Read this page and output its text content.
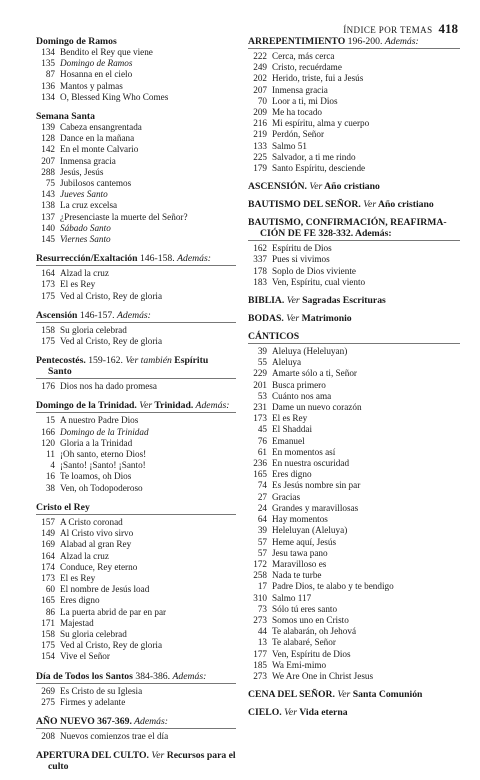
ÍNDICE POR TEMAS 418
Domingo de Ramos
134 Bendito el Rey que viene
135 Domingo de Ramos
87 Hosanna en el cielo
136 Mantos y palmas
134 O, Blessed King Who Comes
Semana Santa
139 Cabeza ensangrentada
128 Dance en la mañana
142 En el monte Calvario
207 Inmensa gracia
288 Jesús, Jesús
75 Jubilosos cantemos
143 Jueves Santo
138 La cruz excelsa
137 ¿Presenciaste la muerte del Señor?
140 Sábado Santo
145 Viernes Santo
Resurrección/Exaltación 146-158. Además:
164 Alzad la cruz
173 El es Rey
175 Ved al Cristo, Rey de gloria
Ascensión 146-157. Además:
158 Su gloria celebrad
175 Ved al Cristo, Rey de gloria
Pentecostés. 159-162. Ver también Espíritu
Santo
176 Dios nos ha dado promesa
Domingo de la Trinidad. Ver Trinidad. Además:
15 A nuestro Padre Dios
166 Domingo de la Trinidad
120 Gloria a la Trinidad
11 ¡Oh santo, eterno Dios!
4 ¡Santo! ¡Santo! ¡Santo!
16 Te loamos, oh Dios
38 Ven, oh Todopoderoso
Cristo el Rey
157 A Cristo coronad
149 Al Cristo vivo sirvo
169 Alabad al gran Rey
164 Alzad la cruz
174 Conduce, Rey eterno
173 El es Rey
60 El nombre de Jesús load
165 Eres digno
86 La puerta abrid de par en par
171 Majestad
158 Su gloria celebrad
175 Ved al Cristo, Rey de gloria
154 Vive el Señor
Día de Todos los Santos 384-386. Además:
269 Es Cristo de su Iglesia
275 Firmes y adelante
AÑO NUEVO 367-369. Además:
208 Nuevos comienzos trae el día
APERTURA DEL CULTO. Ver Recursos para el
culto
ARREPENTIMIENTO 196-200. Además:
222 Cerca, más cerca
249 Cristo, recuérdame
202 Herido, triste, fui a Jesús
207 Inmensa gracia
70 Loor a ti, mi Dios
209 Me ha tocado
216 Mi espíritu, alma y cuerpo
219 Perdón, Señor
133 Salmo 51
225 Salvador, a ti me rindo
179 Santo Espíritu, desciende
ASCENSIÓN. Ver Año cristiano
BAUTISMO DEL SEÑOR. Ver Año cristiano
BAUTISMO, CONFIRMACIÓN, REAFIRMA-
CIÓN DE FE 328-332. Además:
162 Espíritu de Dios
337 Pues si vivimos
178 Soplo de Dios viviente
183 Ven, Espíritu, cual viento
BIBLIA. Ver Sagradas Escrituras
BODAS. Ver Matrimonio
CÁNTICOS
39 Aleluya (Heleluyan)
55 Aleluya
229 Amarte sólo a ti, Señor
201 Busca primero
53 Cuánto nos ama
231 Dame un nuevo corazón
173 El es Rey
45 El Shaddai
76 Emanuel
61 En momentos así
236 En nuestra oscuridad
165 Eres digno
74 Es Jesús nombre sin par
27 Gracias
24 Grandes y maravillosas
64 Hay momentos
39 Heleluyan (Aleluya)
57 Heme aquí, Jesús
57 Jesu tawa pano
172 Maravilloso es
258 Nada te turbe
17 Padre Dios, te alabo y te bendigo
310 Salmo 117
73 Sólo tú eres santo
273 Somos uno en Cristo
44 Te alabarán, oh Jehová
13 Te alabaré, Señor
177 Ven, Espíritu de Dios
185 Wa Emi-mimo
273 We Are One in Christ Jesus
CENA DEL SEÑOR. Ver Santa Comunión
CIELO. Ver Vida eterna
